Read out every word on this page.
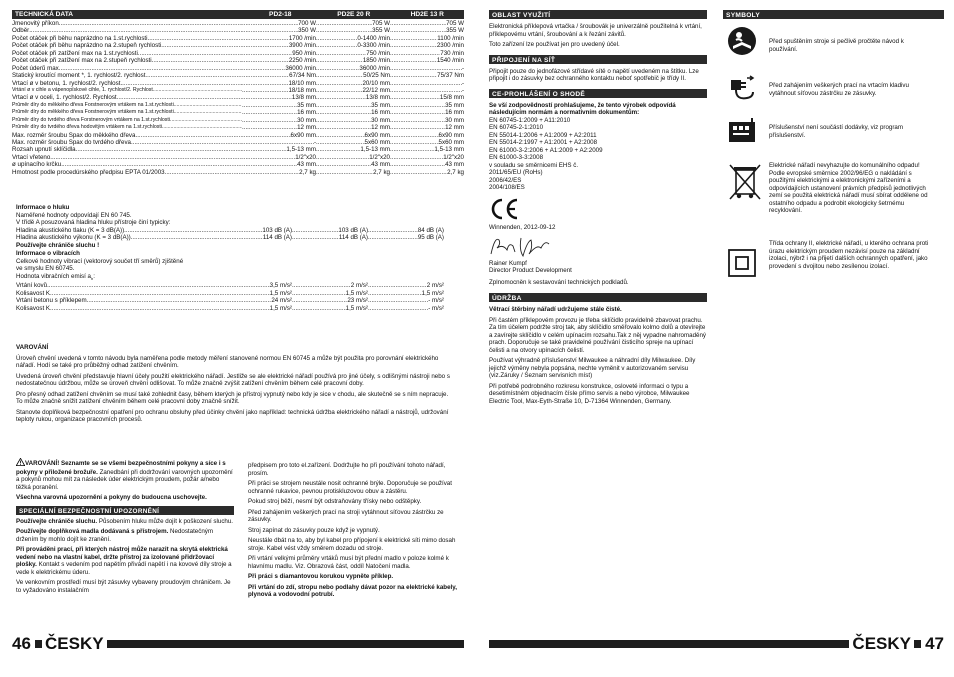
TECHNICKÁ DATA	PD2-18	PD2E 20 R	HD2E 13 R
Jmenovitý příkon ..... .....	700 W .....	705 W .....	705 W
Odběr ..... .....	350 W .....	355 W .....	355 W
Počet otáček při běhu naprázdno na 1.st.rychlosti ..... .....	1700 /min .....	0-1400 /min .....	1100 /min
Počet otáček při běhu naprázdno na 2.stupeň rychlosti ..... .....	3900 /min .....	0-3300 /min .....	2300 /min
Počet otáček při zatížení max na 1.st.rychlosti ..... .....	950 /min .....	750 /min .....	730 /min
Počet otáček při zatížení max na 2.stupeň rychlosti ..... .....	2250 /min .....	1850 /min .....	1540 /min
Počet úderů max ..... .....	36000 /min .....	36000 /min .....	-
Statický kroutící moment *, 1. rychlost/2. rychlost ..... .....	67/34 Nm .....	50/25 Nm .....	75/37 Nm
Vrtací ø v betonu, 1. rychlost/2. rychlost ..... .....	18/10 mm .....	20/10 mm .....	-
Vrtání ø v cihle a vápenopískové cihle, 1. rychlost/2. Rychlost ..... .....	18/18 mm .....	22/12 mm .....	-
Vrtací ø v oceli, 1. rychlost/2. Rychlost ..... .....	13/8 mm .....	13/8 mm .....	15/8 mm
Průměr díry do měkkého dřeva Forstnerovým vrtákem na 1.st.rychlosti ..... .....	35 mm .....	35 mm .....	35 mm
Průměr díry do měkkého dřeva Forstnerovým vrtákem na 1.st.rychlosti ..... .....	16 mm .....	16 mm .....	16 mm
Průměr díry do tvrdého dřeva Forstnerovým vrtákem na 1.st.rychlosti ..... .....	30 mm .....	30 mm .....	30 mm
Průměr díry do tvrdého dřeva hodovitým vrtákem na 1.st.rychlosti ..... .....	12 mm .....	12 mm .....	12 mm
Max. rozměr šroubu Spax do měkkého dřeva ..... .....	6x90 mm .....	6x90 mm .....	6x90 mm
Max. rozměr šroubu Spax do tvrdého dřeva ..... .....	- .....	5x60 mm .....	5x60 mm
Rozsah upnutí sklíčidla ..... .....	1,5-13 mm .....	1,5-13 mm .....	1,5-13 mm
Vrtací vřeteno ..... .....	1/2"x20 .....	1/2"x20 .....	1/2"x20
ø upínacího krčku ..... .....	43 mm .....	43 mm .....	43 mm
Hmotnost podle procedúrského předpisu EPTA 01/2003 ..... .....	2,7 kg .....	2,7 kg .....	2,7 kg
Informace o hluku
Naměřené hodnoty odpovídají EN 60 745.
V třídě A posuzovaná hladina hluku přístroje činí typicky:
Hladina akustického tlaku (K = 3 dB(A)) ..... .....	103 dB (A) .....	103 dB (A) .....	84 dB (A)
Hladina akustického výkonu (K = 3 dB(A)) ..... .....	114 dB (A) .....	114 dB (A) .....	95 dB (A)
Používejte chrániče sluchu !
Informace o vibracích
Celkové hodnoty vibrací (vektorový součet tří směrů) zjištěné
ve smyslu EN 60745.
Hodnota vibračních emisí $a_h$:
Vrtání kovů ..... .....	3,5 m/s² .....	2 m/s² .....	2 m/s²
Kolisavost K ..... .....	1,5 m/s² .....	1,5 m/s² .....	1,5 m/s²
Vrtání betonu s příklepem ..... .....	24 m/s² .....	23 m/s² .....	- m/s²
Kolisavost K ..... .....	1,5 m/s² .....	1,5 m/s² .....	- m/s²
VAROVÁNÍ

Úroveň chvění uvedená v tomto návodu byla naměřena podle metody měření stanovené normou EN 60745 a může být použita pro porovnání elektrického nářadí. Hodí se také pro průběžný odhad zatížení chvěním.

Uvedená úroveň chvění představuje hlavní účely použití elektrického nářadí. Jestliže se ale elektrické nářadí používá pro jiné účely, s odlišnými nástroji nebo s nedostatečnou údržbou, může se úroveň chvění odlišovat. To může značně zvýšit zatížení chvěním během celé pracovní doby.

Pro přesný odhad zatížení chvěním se musí také zohlednit časy, během kterých je přístroj vypnutý nebo kdy je sice v chodu, ale skutečně se s ním nepracuje. To může značně snížit zatížení chvěním během celé pracovní doby značně snížit.

Stanovte doplňková bezpečnostní opatření pro ochranu obsluhy před účinky chvění jako například: technická údržba elektrického nářadí a nástrojů, udržování teploty rukou, organizace pracovních procesů.

VAROVÁNÍ! Seznamte se se všemi bezpečnostními pokyny a síce i s pokyny v přiložené brožuře. Zanedbání při dodržování varovných upozornění a pokynů mohou mít za následek úder elektrickým proudem, požár a/nebo těžká poranění.

Všechna varovná upozornění a pokyny do budoucna uschovejte.

SPECIÁLNÍ BEZPEČNOSTNÍ UPOZORNĚNÍ

Používejte chrániče sluchu. Působením hluku může dojít k poškození sluchu.

Používejte doplňková madla dodávaná s přístrojem. Nedostatečným držením by mohlo dojít ke zranění.

Při prováděni prací, při kterých nástroj může narazit na skrytá elektrická vedení nebo na vlastní kabel, držte přístroj za izolované přidržovací plošky. Kontakt s vedením pod napětím přivádí napětí i na kovové díly stroje a vede k elektrickému úderu.

Ve venkovním prostředí musí být zásuvky vybaveny proudovým chráničem. Je to vyžadováno instalačním

předpisem pro toto el.zařízení. Dodržujte ho při používání tohoto nářadí, prosím.

Při práci se strojem neustále nosit ochranné brýle. Doporučuje se používat ochranné rukavice, pevnou protiskluzovou obuv a zástěru.

Pokud stroj běží, nesmí být odstraňovány třísky nebo odštěpky.

Před zahájením veškerých prací na stroji vytáhnout síťovou zástrčku ze zásuvky.

Stroj zapínat do zásuvky pouze když je vypnutý.

Neustále dbát na to, aby byl kabel pro přípojení k elektrické síti mimo dosah stroje. Kabel vést vždy směrem dozadu od stroje.

Při vrtání velkými průměry vrtáků musí být přední madlo v poloze kolmé k hlavnímu madlu. Viz. Obrazová část, oddíl Natočení madla.

Při práci s diamantovou korukou vypněte příklep.

Při vrtání do zdí, stropu nebo podlahy dávat pozor na elektrické kabely, plynová a vodovodní potrubí.

46 ČESKY
OBLAST VYUŽITÍ

Elektronická příklepová vrtačka / šroubovák je univerzálně použitelná k vrtání, příklepovému vrtání, šroubování a k řezání závitů.

Toto zařízení lze používat jen pro uvedený účel.

PŘIPOJENÍ NA SÍŤ

Připojit pouze do jednofázové střídavé sítě o napětí uvedeném na štítku. Lze připojit i do zásuvky bez ochranného kontaktu neboť spotřebič je třídy II.

CE-PROHLÁŠENÍ O SHODĚ

Se vší zodpovědností prohlašujeme, že tento výrobek odpovídá následujícím normám a normativním dokumentům:

EN 60745-1:2009 + A11:2010
EN 60745-2-1:2010
EN 55014-1:2006 + A1:2009 + A2:2011
EN 55014-2:1997 + A1:2001 + A2:2008
EN 61000-3-2:2006 + A1:2009 + A2:2009
EN 61000-3-3:2008
v souladu se směrnicemi EHS č.
2011/65/EU (RoHs)
2006/42/ES
2004/108/ES
Winnenden, 2012-09-12
Rainer Kumpf
Director Product Development
Zplnomocněn k sestavování technických podkladů.
ÚDRŽBA

Větrací štěrbiny nářadí udržujeme stále čisté.

Při častém příklepovém provozu je třeba sklíčidlo pravidelně zbavovat prachu. Za tím účelem podržte stroj tak, aby sklíčidlo směřovalo kolmo dolů a otevírejte a zavírejte sklíčidlo v celém upínacím rozsahu.Tak z něj vypadne nahromaděný prach. Doporučuje se také pravidelné používání čisticího spreje na upínací čelisti a na otvory upínacích čelistí.

Používat výhradně příslušenství Milwaukee a náhradní díly Milwaukee. Díly jejichž výměny nebyla popsána, nechte vyměnit v autorizovaném servisu (viz.Záruky / Seznam servisních míst)

Při potřebě podrobného rozkresu konstrukce, osloveté informaci o typu a desetimístném objednacím čísle přímo servis a nebo výrobce, Milwaukee Electric Tool, Max-Eyth-Straße 10, D-71364 Winnenden, Germany.

SYMBOLY
Před spuštěním stroje si pečlivě pročtěte návod k používání.
Před zahájením veškerých prací na vrtacím kladivu vytáhnout síťovou zástrčku ze zásuvky.
Příslušenství není součástí dodávky, viz program příslušenství.
Elektrické nářadí nevyhazujte do komunálního odpadu! Podle evropské směrnice 2002/96/EG o nakládání s použitými elektrickými a elektronickými zařízeními a odpovídajících ustanovení právních předpisů jednotlivých zemí se použitá elektrická nářadí musí sbírat oddělene od ostatního odpadu a podrobit ekologicky šetrnému recyklování.
Třída ochrany II, elektrické nářadí, u kterého ochrana proti úrazu elektrickým proudem nezávisí pouze na základní izolaci, nýbrž i na přijetí dalších ochranných opatření, jako provedení s dvojitou nebo zesílenou izolací.
ČESKY 47
